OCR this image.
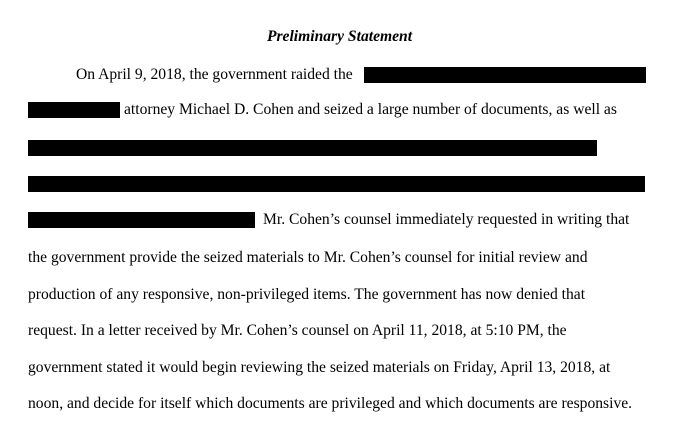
Preliminary Statement
On April 9, 2018, the government raided the
attorney Michael D. Cohen and seized a large number of documents, as well as
Mr. Cohen’s counsel immediately requested in writing that
the government provide the seized materials to Mr. Cohen’s counsel for initial review and
production of any responsive, non-privileged items. The government has now denied that
request. In a letter received by Mr. Cohen’s counsel on April 11, 2018, at 5:10 PM, the
government stated it would begin reviewing the seized materials on Friday, April 13, 2018, at
noon, and decide for itself which documents are privileged and which documents are responsive.
